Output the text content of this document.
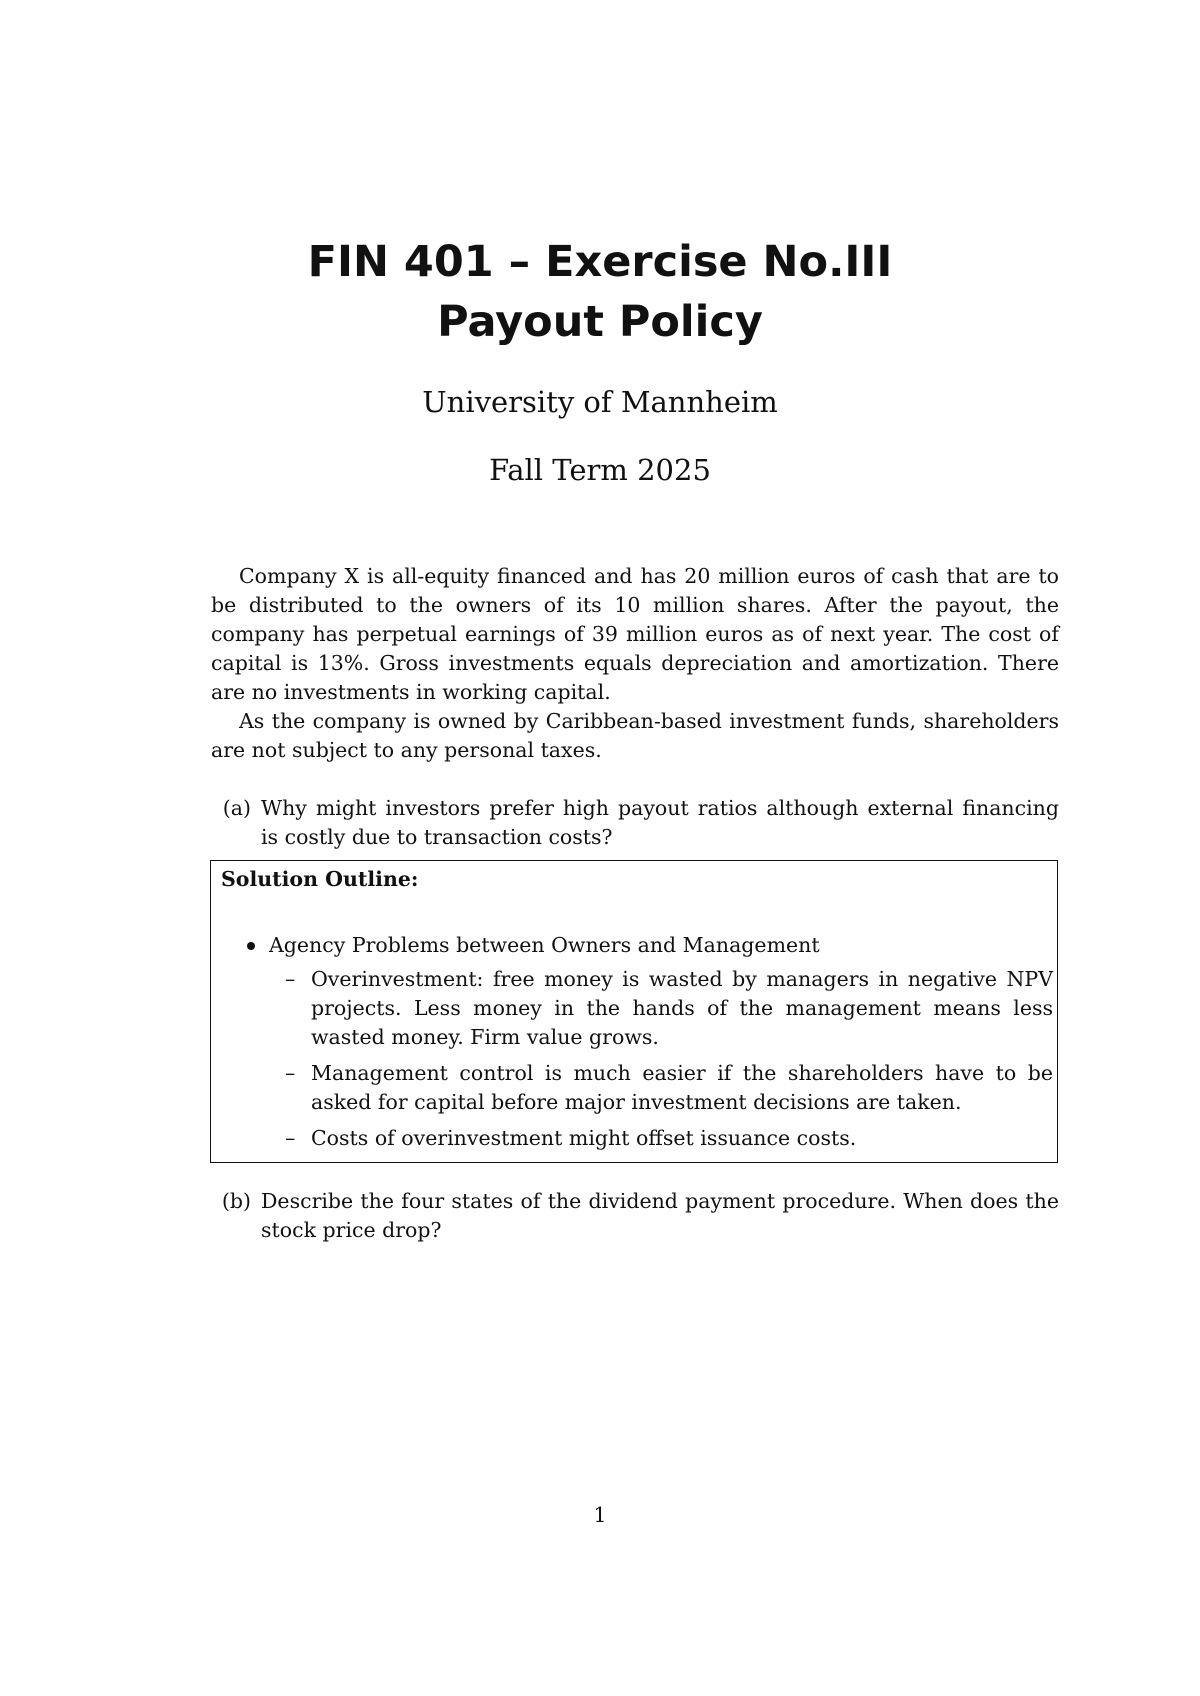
FIN 401 – Exercise No.III
Payout Policy
University of Mannheim
Fall Term 2025
Company X is all-equity financed and has 20 million euros of cash that are to be distributed to the owners of its 10 million shares. After the payout, the company has perpetual earnings of 39 million euros as of next year. The cost of capital is 13%. Gross investments equals depreciation and amortization. There are no investments in working capital.
As the company is owned by Caribbean-based investment funds, shareholders are not subject to any personal taxes.
(a) Why might investors prefer high payout ratios although external financing is costly due to transaction costs?
Solution Outline:
Agency Problems between Owners and Management
– Overinvestment: free money is wasted by managers in negative NPV projects. Less money in the hands of the management means less wasted money. Firm value grows.
– Management control is much easier if the shareholders have to be asked for capital before major investment decisions are taken.
– Costs of overinvestment might offset issuance costs.
(b) Describe the four states of the dividend payment procedure. When does the stock price drop?
1
